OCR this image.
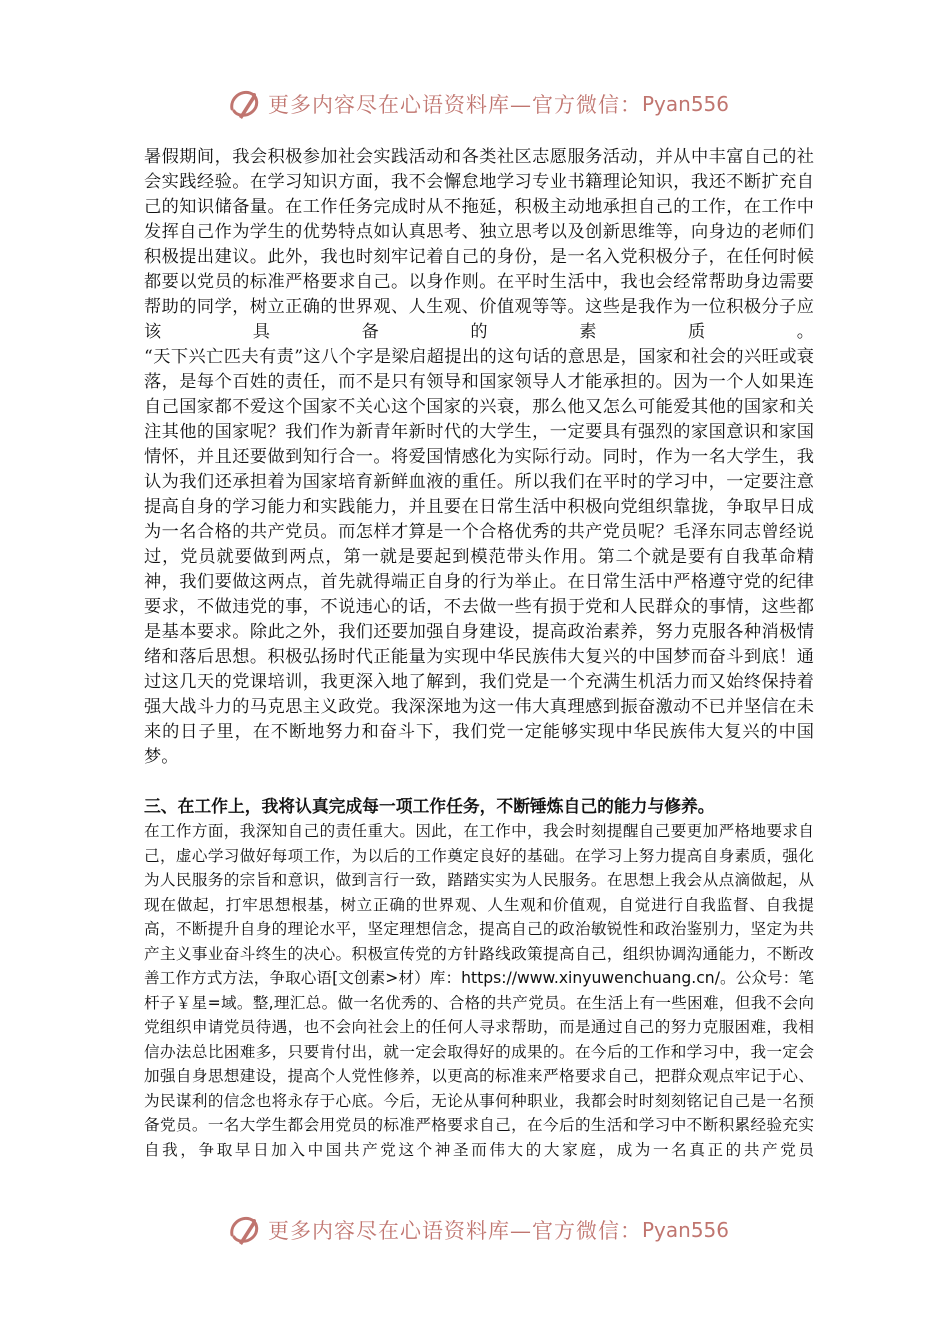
更多内容尽在心语资料库—官方微信： Pyan556

暑假期间，我会积极参加社会实践活动和各类社区志愿服务活动，并从中丰富自己的社会实践经验。在学习知识方面，我不会懈怠地学习专业书籍理论知识，我还不断扩充自己的知识储备量。在工作任务完成时从不拖延，积极主动地承担自己的工作，在工作中发挥自己作为学生的优势特点如认真思考、独立思考以及创新思维等，向身边的老师们积极提出建议。此外，我也时刻牢记着自己的身份，是一名入党积极分子，在任何时候都要以党员的标准严格要求自己。以身作则。在平时生活中，我也会经常帮助身边需要帮助的同学，树立正确的世界观、人生观、价值观等等。这些是我作为一位积极分子应该具备的素质。

“天下兴亡匹夫有责”这八个字是梁启超提出的这句话的意思是，国家和社会的兴旺或衰落，是每个百姓的责任，而不是只有领导和国家领导人才能承担的。因为一个人如果连自己国家都不爱这个国家不关心这个国家的兴衰，那么他又怎么可能爱其他的国家和关注其他的国家呢？我们作为新青年新时代的大学生，一定要具有强烈的家国意识和家国情怀，并且还要做到知行合一。将爱国情感化为实际行动。同时，作为一名大学生，我认为我们还承担着为国家培育新鲜血液的重任。所以我们在平时的学习中，一定要注意提高自身的学习能力和实践能力，并且要在日常生活中积极向党组织靠拢，争取早日成为一名合格的共产党员。而怎样才算是一个合格优秀的共产党员呢？毛泽东同志曾经说过，党员就要做到两点，第一就是要起到模范带头作用。第二个就是要有自我革命精神，我们要做这两点，首先就得端正自身的行为举止。在日常生活中严格遵守党的纪律要求，不做违党的事，不说违心的话，不去做一些有损于党和人民群众的事情，这些都是基本要求。除此之外，我们还要加强自身建设，提高政治素养，努力克服各种消极情绪和落后思想。积极弘扬时代正能量为实现中华民族伟大复兴的中国梦而奋斗到底！通过这几天的党课培训，我更深入地了解到，我们党是一个充满生机活力而又始终保持着强大战斗力的马克思主义政党。我深深地为这一伟大真理感到振奋激动不已并坚信在未来的日子里，在不断地努力和奋斗下，我们党一定能够实现中华民族伟大复兴的中国梦。

三、在工作上，我将认真完成每一项工作任务，不断锤炼自己的能力与修养。

在工作方面，我深知自己的责任重大。因此，在工作中，我会时刻提醒自己要更加严格地要求自己，虚心学习做好每项工作，为以后的工作奠定良好的基础。在学习上努力提高自身素质，强化为人民服务的宗旨和意识，做到言行一致，踏踏实实为人民服务。在思想上我会从点滴做起，从现在做起，打牢思想根基，树立正确的世界观、人生观和价值观，自觉进行自我监督、自我提高，不断提升自身的理论水平，坚定理想信念，提高自己的政治敏锐性和政治鉴别力，坚定为共产主义事业奋斗终生的决心。积极宣传党的方针路线政策提高自己，组织协调沟通能力，不断改善工作方式方法，争取心语[文创素>材）库：https://www.xinyuwenchuang.cn/。公众号：笔杆子￥星=域。整,理汇总。做一名优秀的、合格的共产党员。在生活上有一些困难，但我不会向党组织申请党员待遇，也不会向社会上的任何人寻求帮助，而是通过自己的努力克服困难，我相信办法总比困难多，只要肯付出，就一定会取得好的成果的。在今后的工作和学习中，我一定会加强自身思想建设，提高个人党性修养，以更高的标准来严格要求自己，把群众观点牢记于心、为民谋利的信念也将永存于心底。今后，无论从事何种职业，我都会时时刻刻铭记自己是一名预备党员。一名大学生都会用党员的标准严格要求自己，在今后的生活和学习中不断积累经验充实自我，争取早日加入中国共产党这个神圣而伟大的大家庭，成为一名真正的共产党员

更多内容尽在心语资料库—官方微信： Pyan556
